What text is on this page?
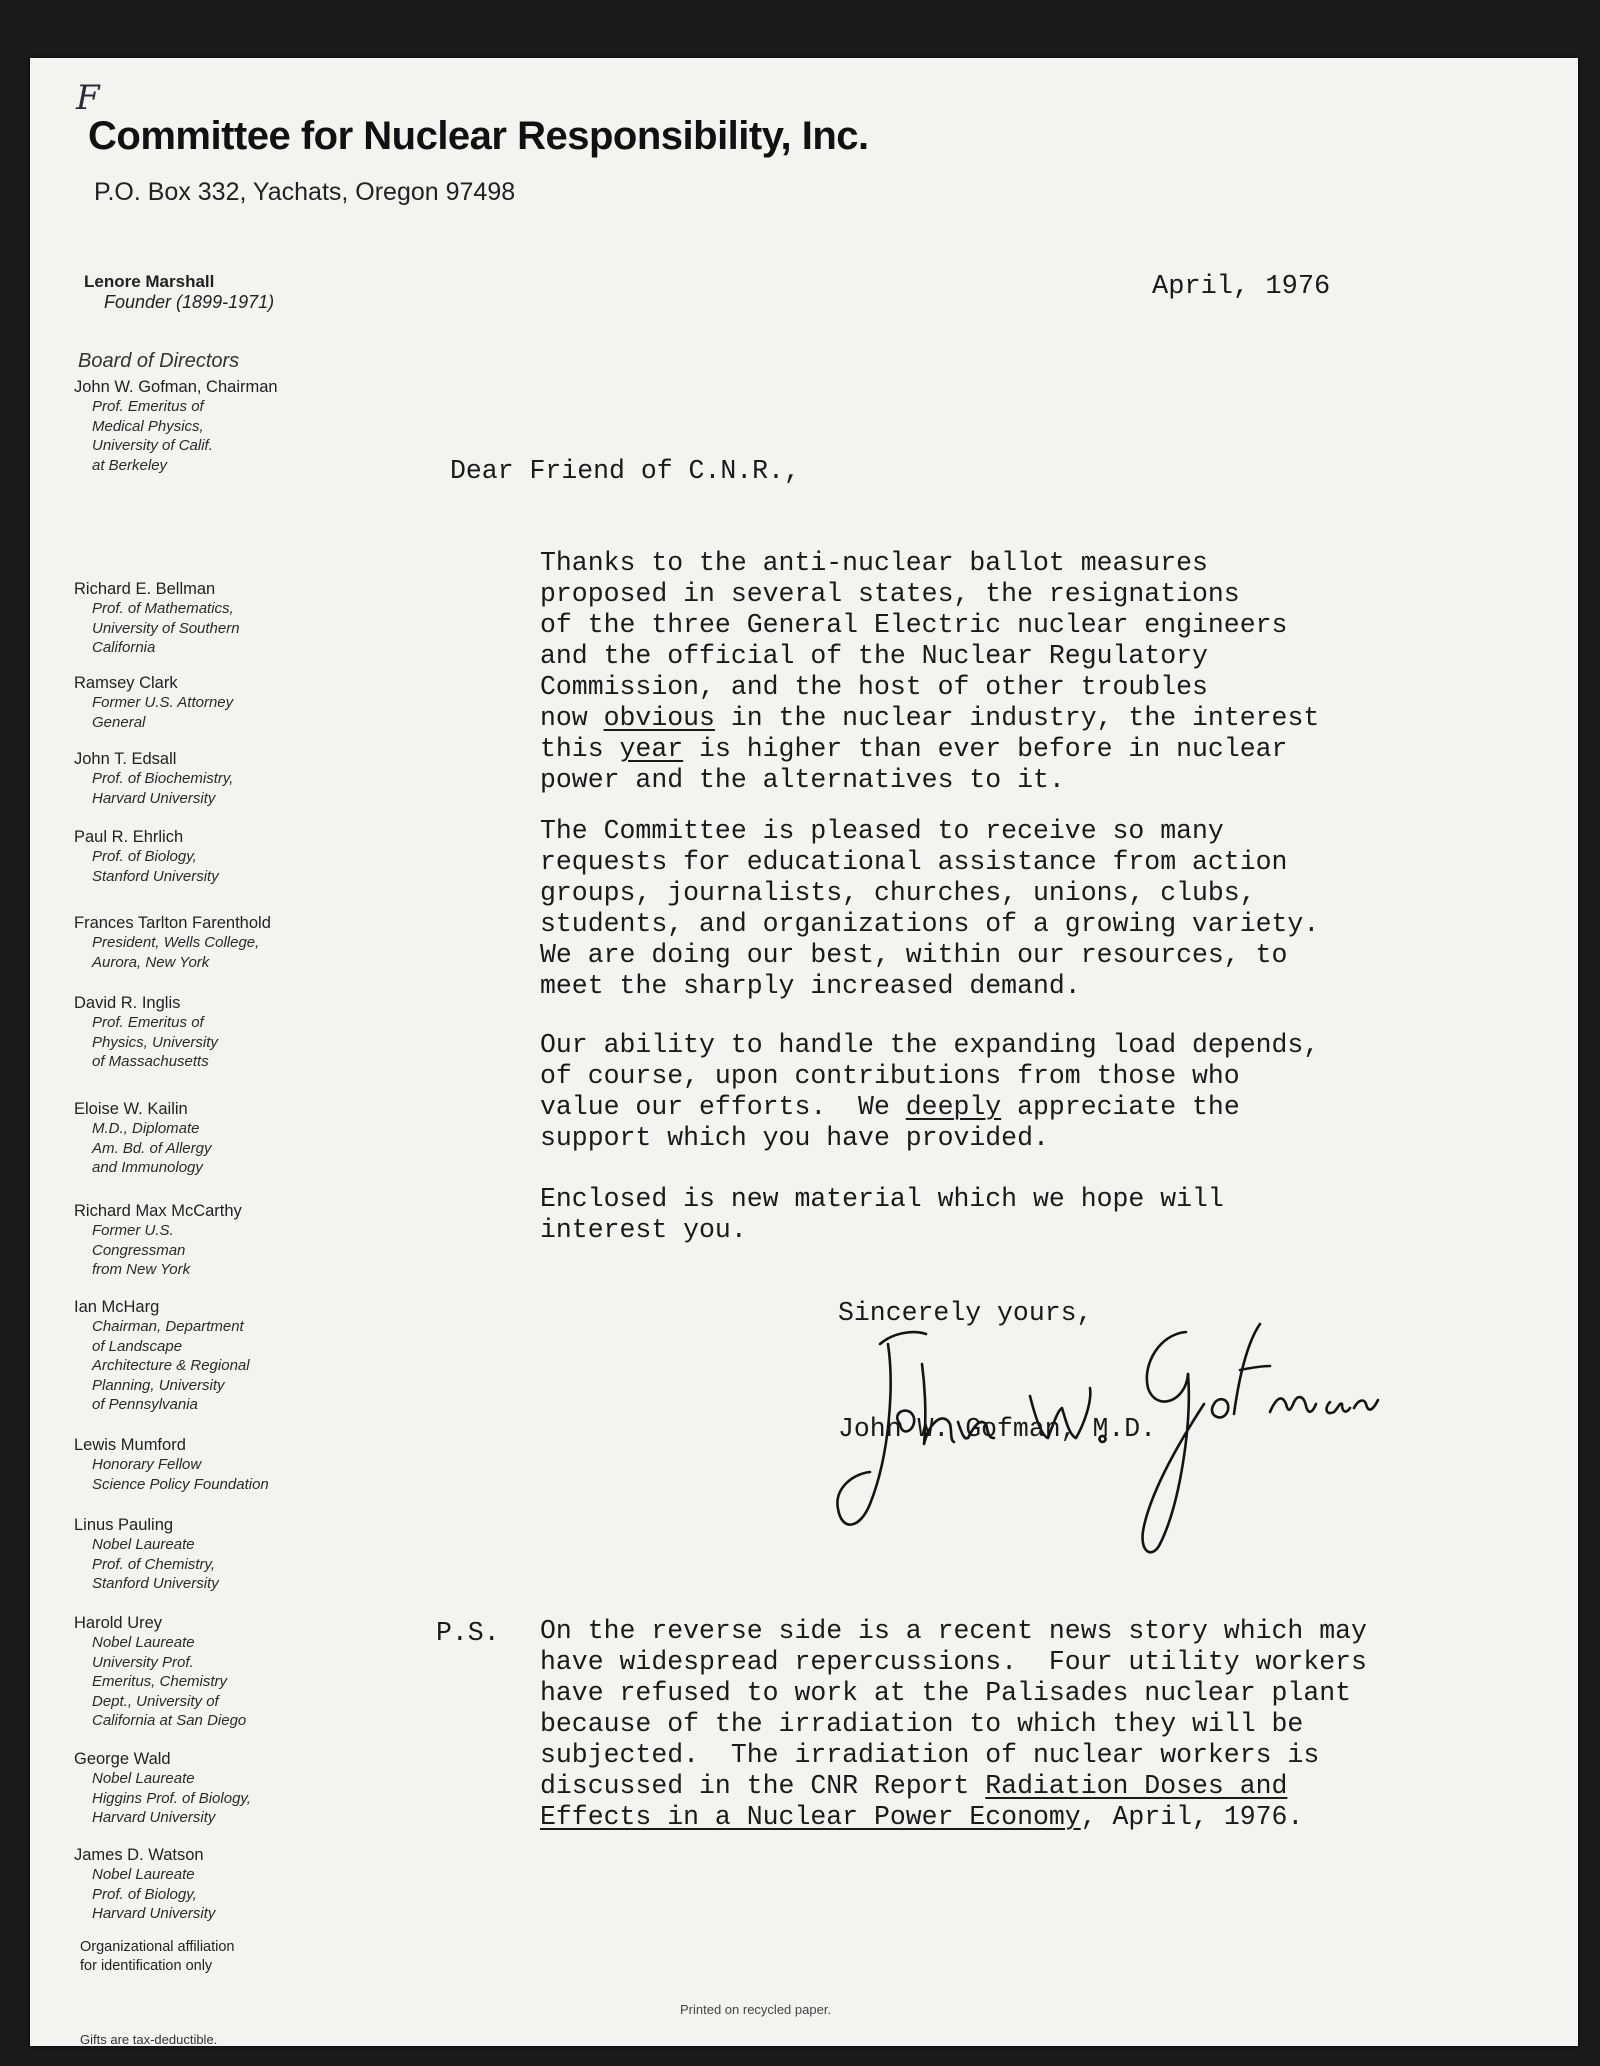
F
Committee for Nuclear Responsibility, Inc.
P.O. Box 332, Yachats, Oregon 97498
Lenore Marshall
Founder (1899-1971)
Board of Directors
John W. Gofman, Chairman
Prof. Emeritus of
Medical Physics,
University of Calif.
at Berkeley
Richard E. Bellman
Prof. of Mathematics,
University of Southern
California
Ramsey Clark
Former U.S. Attorney
General
John T. Edsall
Prof. of Biochemistry,
Harvard University
Paul R. Ehrlich
Prof. of Biology,
Stanford University
Frances Tarlton Farenthold
President, Wells College,
Aurora, New York
David R. Inglis
Prof. Emeritus of
Physics, University
of Massachusetts
Eloise W. Kailin
M.D., Diplomate
Am. Bd. of Allergy
and Immunology
Richard Max McCarthy
Former U.S.
Congressman
from New York
Ian McHarg
Chairman, Department
of Landscape
Architecture & Regional
Planning, University
of Pennsylvania
Lewis Mumford
Honorary Fellow
Science Policy Foundation
Linus Pauling
Nobel Laureate
Prof. of Chemistry,
Stanford University
Harold Urey
Nobel Laureate
University Prof.
Emeritus, Chemistry
Dept., University of
California at San Diego
George Wald
Nobel Laureate
Higgins Prof. of Biology,
Harvard University
James D. Watson
Nobel Laureate
Prof. of Biology,
Harvard University
Organizational affiliation
for identification only
Gifts are tax-deductible.
April, 1976
Dear Friend of C.N.R.,
Thanks to the anti-nuclear ballot measures
proposed in several states, the resignations
of the three General Electric nuclear engineers
and the official of the Nuclear Regulatory
Commission, and the host of other troubles
now obvious in the nuclear industry, the interest
this year is higher than ever before in nuclear
power and the alternatives to it.
The Committee is pleased to receive so many
requests for educational assistance from action
groups, journalists, churches, unions, clubs,
students, and organizations of a growing variety.
We are doing our best, within our resources, to
meet the sharply increased demand.
Our ability to handle the expanding load depends,
of course, upon contributions from those who
value our efforts.  We deeply appreciate the
support which you have provided.
Enclosed is new material which we hope will
interest you.
Sincerely yours,
John W. Gofman, M.D.
P.S. On the reverse side is a recent news story which may
have widespread repercussions.  Four utility workers
have refused to work at the Palisades nuclear plant
because of the irradiation to which they will be
subjected.  The irradiation of nuclear workers is
discussed in the CNR Report Radiation Doses and
Effects in a Nuclear Power Economy, April, 1976.
Printed on recycled paper.
